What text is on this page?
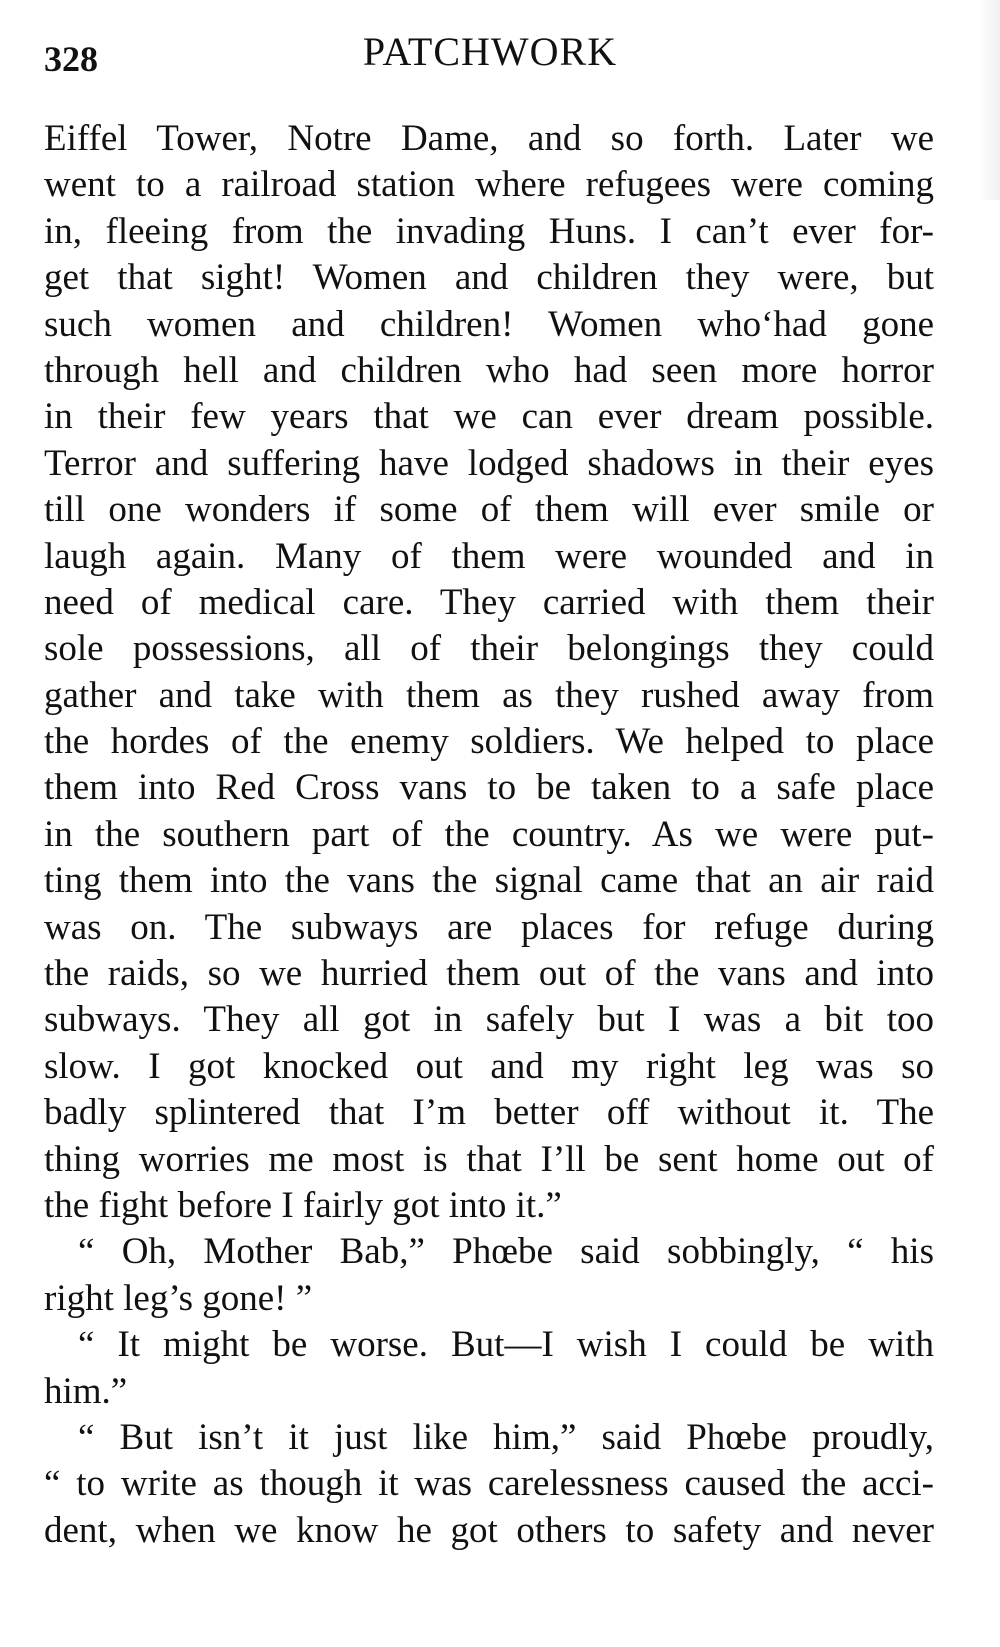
328	PATCHWORK
Eiffel Tower, Notre Dame, and so forth. Later we
went to a railroad station where refugees were coming
in, fleeing from the invading Huns. I can’t ever for-
get that sight! Women and children they were, but
such women and children! Women who‘had gone
through hell and children who had seen more horror
in their few years that we can ever dream possible.
Terror and suffering have lodged shadows in their eyes
till one wonders if some of them will ever smile or
laugh again. Many of them were wounded and in
need of medical care. They carried with them their
sole possessions, all of their belongings they could
gather and take with them as they rushed away from
the hordes of the enemy soldiers. We helped to place
them into Red Cross vans to be taken to a safe place
in the southern part of the country. As we were put-
ting them into the vans the signal came that an air raid
was on. The subways are places for refuge during
the raids, so we hurried them out of the vans and into
subways. They all got in safely but I was a bit too
slow. I got knocked out and my right leg was so
badly splintered that I’m better off without it. The
thing worries me most is that I’ll be sent home out of
the fight before I fairly got into it.”
“ Oh, Mother Bab,” Phœbe said sobbingly, “ his
right leg’s gone! ”
“ It might be worse. But—I wish I could be with
him.”
“ But isn’t it just like him,” said Phœbe proudly,
“ to write as though it was carelessness caused the acci-
dent, when we know he got others to safety and never
